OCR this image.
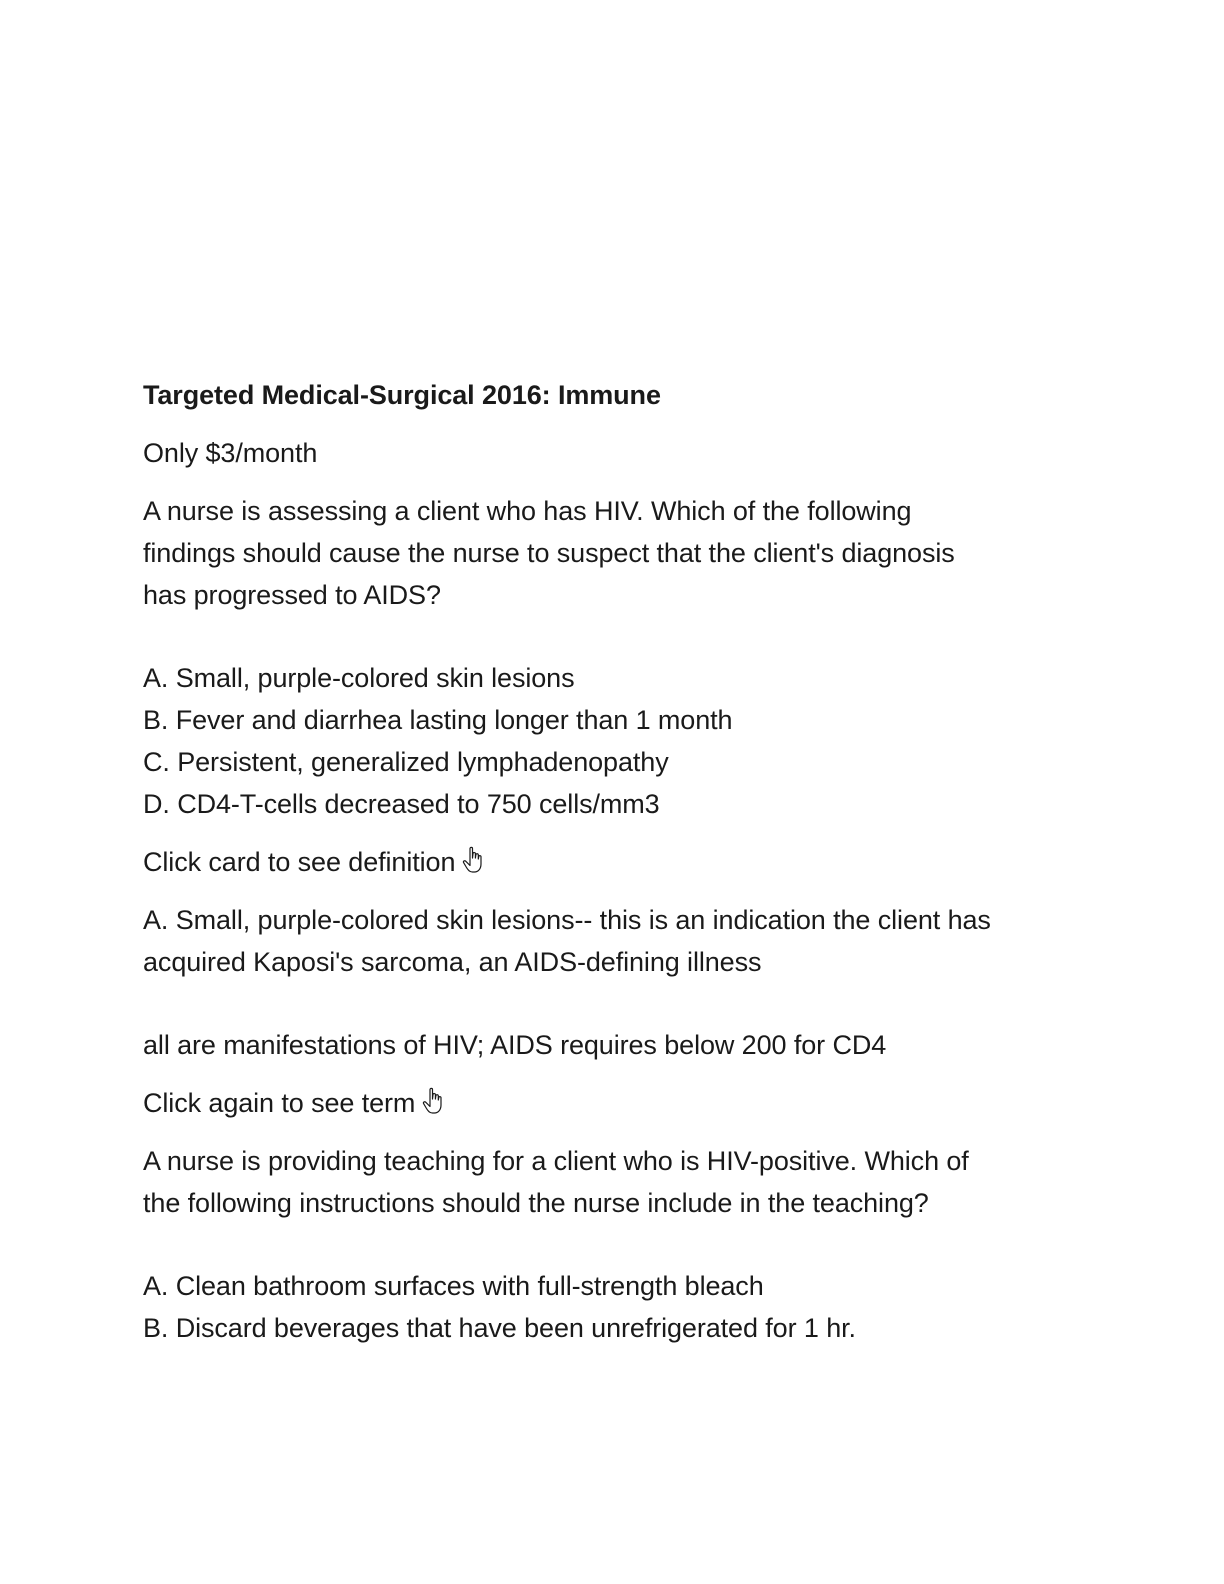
Targeted Medical-Surgical 2016: Immune
Only $3/month
A nurse is assessing a client who has HIV. Which of the following
findings should cause the nurse to suspect that the client's diagnosis
has progressed to AIDS?
A. Small, purple-colored skin lesions
B. Fever and diarrhea lasting longer than 1 month
C. Persistent, generalized lymphadenopathy
D. CD4-T-cells decreased to 750 cells/mm3
Click card to see definition
A. Small, purple-colored skin lesions-- this is an indication the client has
acquired Kaposi's sarcoma, an AIDS-defining illness
all are manifestations of HIV; AIDS requires below 200 for CD4
Click again to see term
A nurse is providing teaching for a client who is HIV-positive. Which of
the following instructions should the nurse include in the teaching?
A. Clean bathroom surfaces with full-strength bleach
B. Discard beverages that have been unrefrigerated for 1 hr.
